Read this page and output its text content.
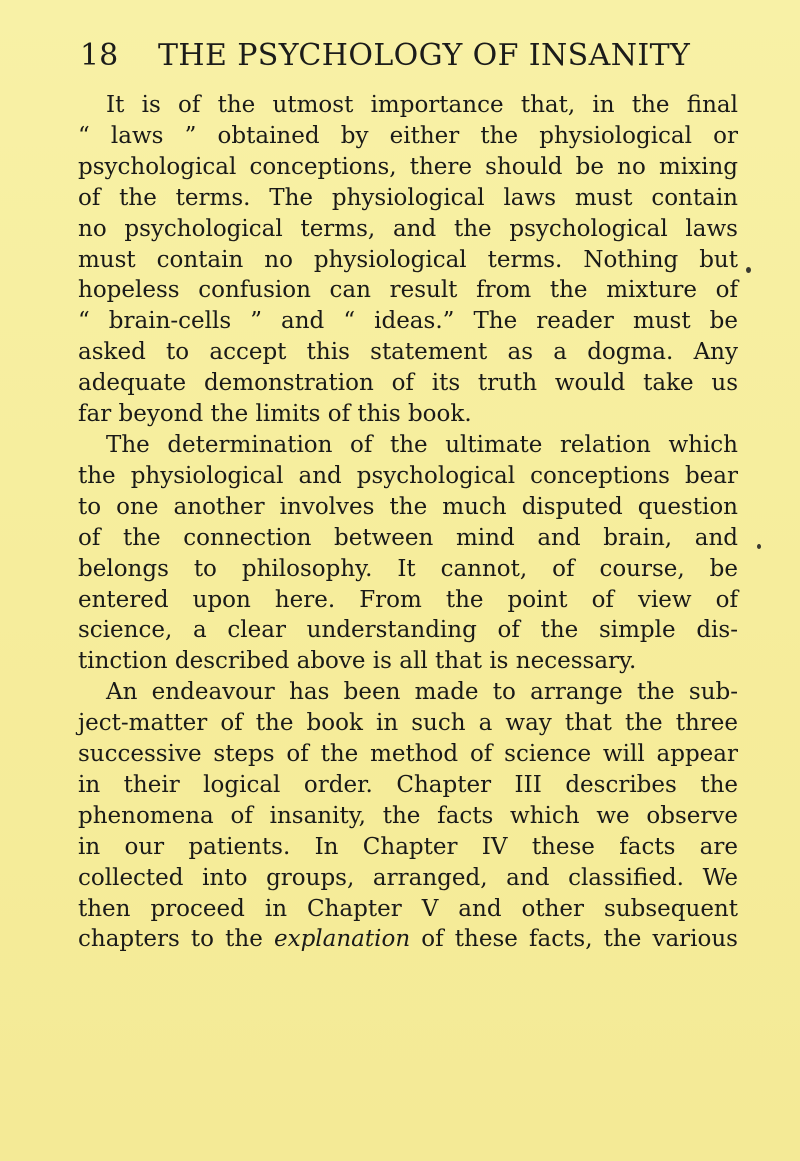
18 THE PSYCHOLOGY OF INSANITY

It is of the utmost importance that, in the final
“ laws ” obtained by either the physiological or
psychological conceptions, there should be no mixing
of the terms. The physiological laws must contain
no psychological terms, and the psychological laws
must contain no physiological terms. Nothing but
hopeless confusion can result from the mixture of
“ brain-cells ” and “ ideas.” The reader must be
asked to accept this statement as a dogma. Any
adequate demonstration of its truth would take us
far beyond the limits of this book.

The determination of the ultimate relation which
the physiological and psychological conceptions bear
to one another involves the much disputed question
of the connection between mind and brain, and
belongs to philosophy. It cannot, of course, be
entered upon here. From the point of view of
science, a clear understanding of the simple dis-
tinction described above is all that is necessary.

An endeavour has been made to arrange the sub-
ject-matter of the book in such a way that the three
successive steps of the method of science will appear
in their logical order. Chapter III describes the
phenomena of insanity, the facts which we observe
in our patients. In Chapter IV these facts are
collected into groups, arranged, and classified. We
then proceed in Chapter V and other subsequent
chapters to the explanation of these facts, the various
